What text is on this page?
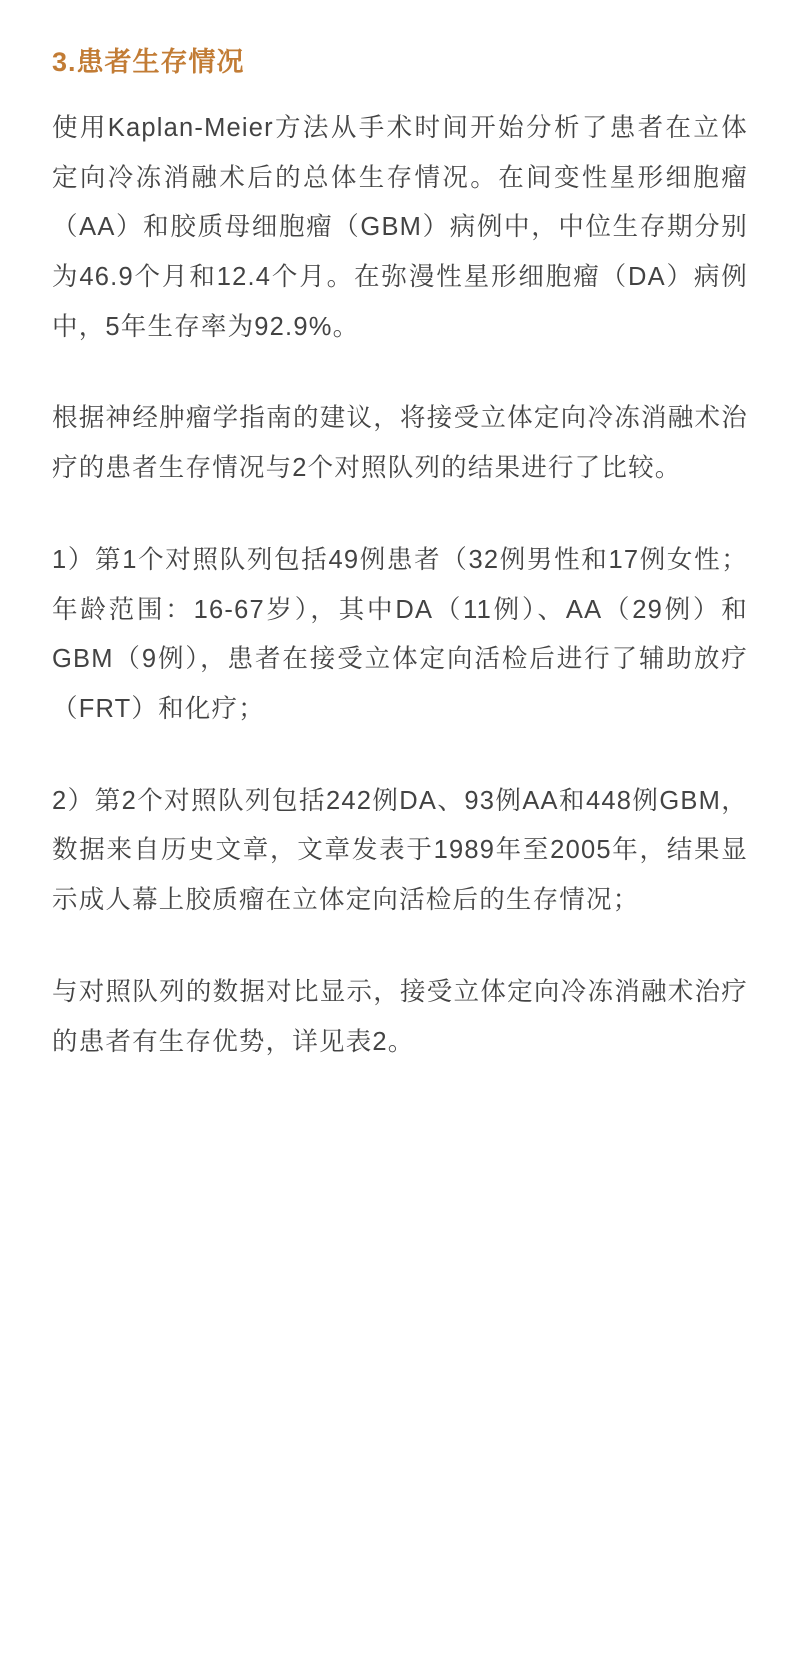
3.患者生存情况

使用Kaplan-Meier方法从手术时间开始分析了患者在立体定向冷冻消融术后的总体生存情况。在间变性星形细胞瘤（AA）和胶质母细胞瘤（GBM）病例中，中位生存期分别为46.9个月和12.4个月。在弥漫性星形细胞瘤（DA）病例中，5年生存率为92.9%。

根据神经肿瘤学指南的建议，将接受立体定向冷冻消融术治疗的患者生存情况与2个对照队列的结果进行了比较。

1）第1个对照队列包括49例患者（32例男性和17例女性；年龄范围：16-67岁），其中DA（11例）、AA（29例）和GBM（9例），患者在接受立体定向活检后进行了辅助放疗（FRT）和化疗；

2）第2个对照队列包括242例DA、93例AA和448例GBM，数据来自历史文章，文章发表于1989年至2005年，结果显示成人幕上胶质瘤在立体定向活检后的生存情况；

与对照队列的数据对比显示，接受立体定向冷冻消融术治疗的患者有生存优势，详见表2。
